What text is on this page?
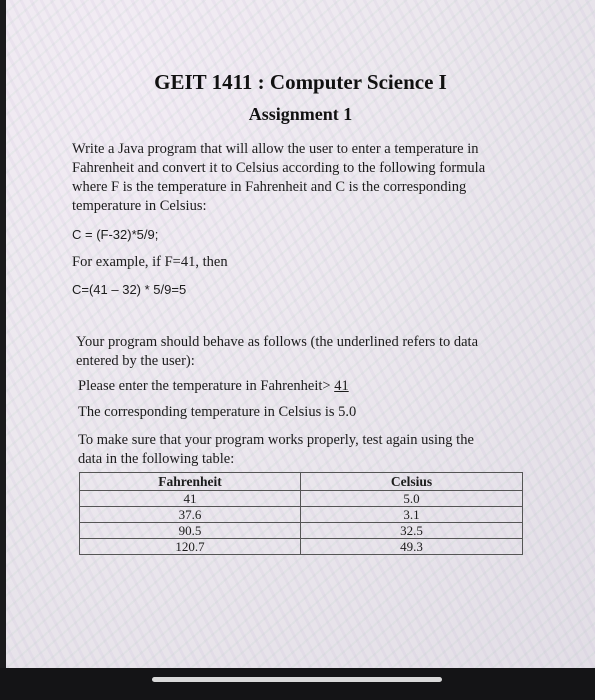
GEIT 1411 : Computer Science I
Assignment 1
Write a Java program that will allow the user to enter a temperature in
Fahrenheit and convert it to Celsius according to the following formula
where F is the temperature in Fahrenheit and C is the corresponding
temperature in Celsius:
C = (F-32)*5/9;
For example, if F=41, then
C=(41 – 32) * 5/9=5
Your program should behave as follows (the underlined refers to data
entered by the user):
Please enter the temperature in Fahrenheit> 41
The corresponding temperature in Celsius is 5.0
To make sure that your program works properly, test again using the
data in the following table:
Fahrenheit	Celsius
41	5.0
37.6	3.1
90.5	32.5
120.7	49.3
